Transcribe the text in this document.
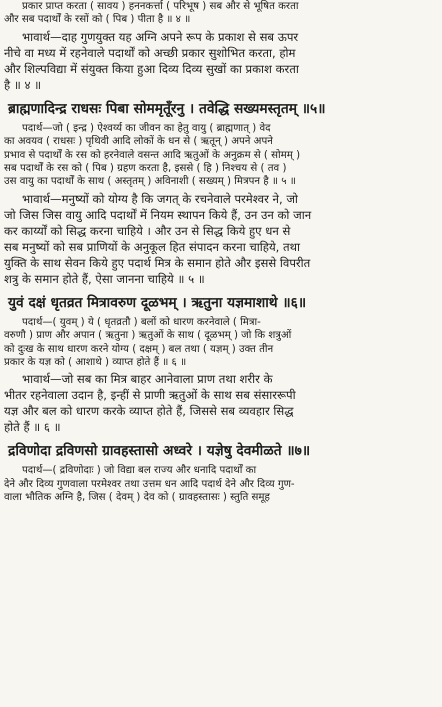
प्रकार प्राप्त करता ( सावय ) हननकर्त्ता ( परिभूष ) सब और से भूषित करता
और सब पदार्थों के रसों को ( पिब ) पीता है ॥ ४ ॥
भावार्थ—दाह गुणयुक्त यह अग्नि अपने रूप के प्रकाश से सब ऊपर
नीचे वा मध्य में रहनेवाले पदार्थों को अच्छी प्रकार सुशोभित करता, होम
और शिल्पविद्या में संयुक्त किया हुआ दिव्य दिव्य सुखों का प्रकाश करता
है ॥ ४ ॥
ब्राह्मणादिन्द्र राधसः पिबा सोममृतूँरनु । तवेद्धि सख्यमस्तृतम् ॥५॥
पदार्थ—जो ( इन्द्र ) ऐश्वर्य्य का जीवन का हेतु वायु ( ब्राह्मणात् ) वेद
का अवयव ( राधसः ) पृथिवी आदि लोकों के धन से ( ऋतून् ) अपने अपने
प्रभाव से पदार्थों के रस को हरनेवाले वसन्त आदि ऋतुओं के अनुक्रम से ( सोमम् )
सब पदार्थों के रस को ( पिब ) ग्रहण करता है, इससे ( हि ) निश्चय से ( तव )
उस वायु का पदार्थों के साथ ( अस्तृतम् ) अविनाशी ( सख्यम् ) मित्रपन है ॥ ५ ॥
भावार्थ—मनुष्यों को योग्य है कि जगत् के रचनेवाले परमेश्वर ने, जो
जो जिस जिस वायु आदि पदार्थों में नियम स्थापन किये हैं, उन उन को जान
कर कार्य्यों को सिद्ध करना चाहिये । और उन से सिद्ध किये हुए धन से
सब मनुष्यों को सब प्राणियों के अनुकूल हित संपादन करना चाहिये, तथा
युक्ति के साथ सेवन किये हुए पदार्थ मित्र के समान होते और इससे विपरीत
शत्रु के समान होते हैं, ऐसा जानना चाहिये ॥ ५ ॥
युवं दक्षं धृतव्रत मित्रावरुण दूळभम् । ऋतुना यज्ञमाशाथे ॥६॥
पदार्थ—( युवम् ) ये ( धृतव्रतौ ) बलों को धारण करनेवाले ( मित्रा-
वरुणौ ) प्राण और अपान ( ऋतुना ) ऋतुओं के साथ ( दूळभम् ) जो कि शत्रुओं
को दुःख के साथ धारण करने योग्य ( दक्षम् ) बल तथा ( यज्ञम् ) उक्त तीन
प्रकार के यज्ञ को ( आशाथे ) व्याप्त होते हैं ॥ ६ ॥
भावार्थ—जो सब का मित्र बाहर आनेवाला प्राण तथा शरीर के
भीतर रहनेवाला उदान है, इन्हीं से प्राणी ऋतुओं के साथ सब संसाररूपी
यज्ञ और बल को धारण करके व्याप्त होते हैं, जिससे सब व्यवहार सिद्ध
होते हैं ॥ ६ ॥
द्रविणोदा द्रविणसो ग्रावहस्तासो अध्वरे । यज्ञेषु देवमीळते ॥७॥
पदार्थ—( द्रविणोदाः ) जो विद्या बल राज्य और धनादि पदार्थों का
देने और दिव्य गुणवाला परमेश्वर तथा उत्तम धन आदि पदार्थ देने और दिव्य गुण-
वाला भौतिक अग्नि है, जिस ( देवम् ) देव को ( ग्रावहस्तासः ) स्तुति समूह
